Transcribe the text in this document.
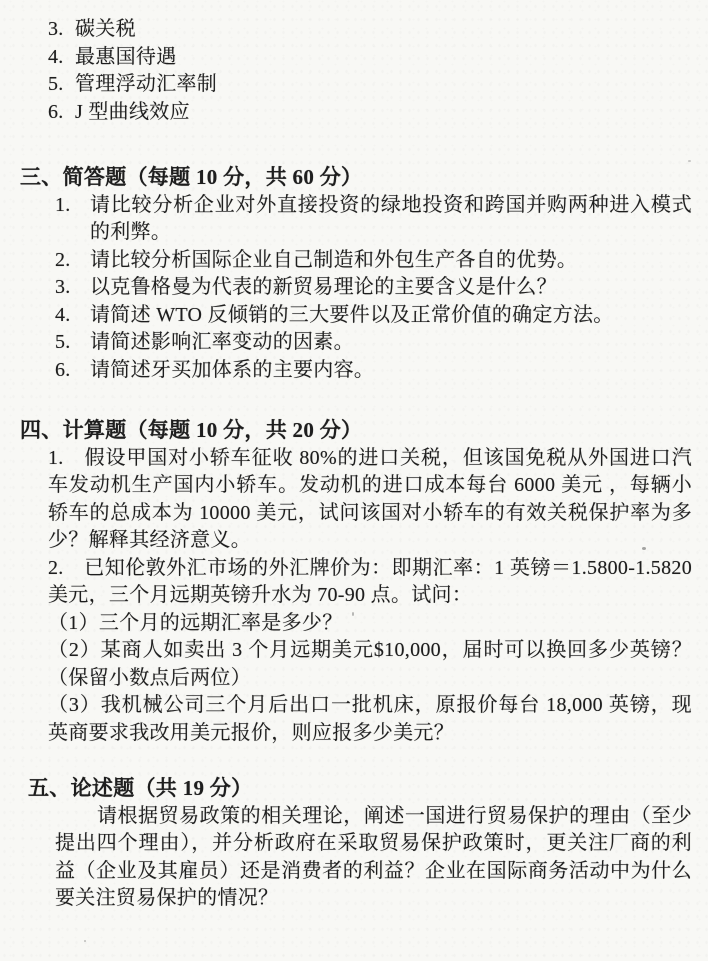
3. 碳关税
4. 最惠国待遇
5. 管理浮动汇率制
6. J 型曲线效应
三、简答题（每题 10 分，共 60 分）
1. 请比较分析企业对外直接投资的绿地投资和跨国并购两种进入模式的利弊。
2. 请比较分析国际企业自己制造和外包生产各自的优势。
3. 以克鲁格曼为代表的新贸易理论的主要含义是什么？
4. 请简述 WTO 反倾销的三大要件以及正常价值的确定方法。
5. 请简述影响汇率变动的因素。
6. 请简述牙买加体系的主要内容。
四、计算题（每题 10 分，共 20 分）

1. 假设甲国对小轿车征收 80%的进口关税，但该国免税从外国进口汽车发动机生产国内小轿车。发动机的进口成本每台 6000 美元 ，每辆小轿车的总成本为 10000 美元，试问该国对小轿车的有效关税保护率为多少？解释其经济意义。

2. 已知伦敦外汇市场的外汇牌价为：即期汇率：1 英镑＝1.5800-1.5820 美元，三个月远期英镑升水为 70-90 点。试问：

（1）三个月的远期汇率是多少？

（2）某商人如卖出 3 个月远期美元$10,000，届时可以换回多少英镑？（保留小数点后两位）

（3）我机械公司三个月后出口一批机床，原报价每台 18,000 英镑，现英商要求我改用美元报价，则应报多少美元？

五、论述题（共 19 分）

请根据贸易政策的相关理论，阐述一国进行贸易保护的理由（至少提出四个理由），并分析政府在采取贸易保护政策时，更关注厂商的利益（企业及其雇员）还是消费者的利益？企业在国际商务活动中为什么要关注贸易保护的情况？
